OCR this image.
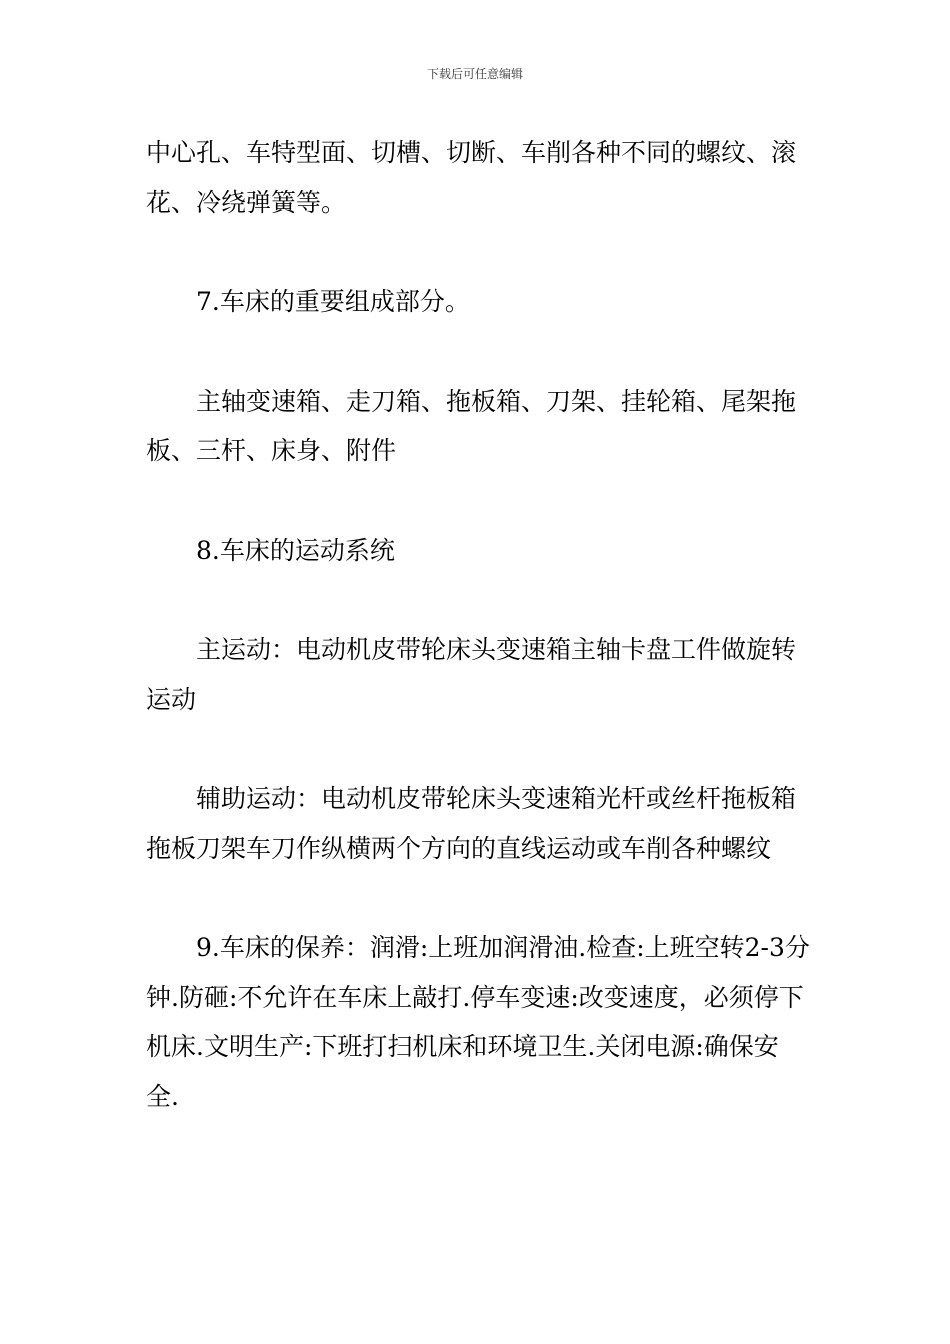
下载后可任意编辑

中心孔、车特型面、切槽、切断、车削各种不同的螺纹、滚花、冷绕弹簧等。

7.车床的重要组成部分。

主轴变速箱、走刀箱、拖板箱、刀架、挂轮箱、尾架拖板、三杆、床身、附件

8.车床的运动系统

主运动：电动机皮带轮床头变速箱主轴卡盘工件做旋转运动

辅助运动：电动机皮带轮床头变速箱光杆或丝杆拖板箱拖板刀架车刀作纵横两个方向的直线运动或车削各种螺纹

9.车床的保养：润滑:上班加润滑油.检查:上班空转2-3分钟.防砸:不允许在车床上敲打.停车变速:改变速度，必须停下机床.文明生产:下班打扫机床和环境卫生.关闭电源:确保安全.
